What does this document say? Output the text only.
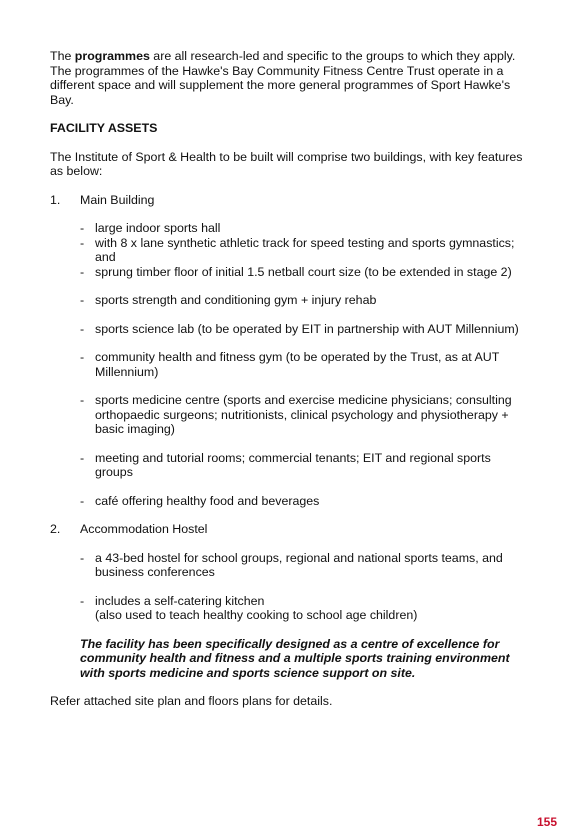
The programmes are all research-led and specific to the groups to which they apply. The programmes of the Hawke's Bay Community Fitness Centre Trust operate in a different space and will supplement the more general programmes of Sport Hawke's Bay.

FACILITY ASSETS

The Institute of Sport & Health to be built will comprise two buildings, with key features as below:

1.	Main Building
- large indoor sports hall
- with 8 x lane synthetic athletic track for speed testing and sports gymnastics; and
- sprung timber floor of initial 1.5 netball court size (to be extended in stage 2)
- sports strength and conditioning gym + injury rehab
- sports science lab (to be operated by EIT in partnership with AUT Millennium)
- community health and fitness gym (to be operated by the Trust, as at AUT Millennium)
- sports medicine centre (sports and exercise medicine physicians; consulting orthopaedic surgeons; nutritionists, clinical psychology and physiotherapy + basic imaging)
- meeting and tutorial rooms; commercial tenants; EIT and regional sports groups
- café offering healthy food and beverages
2.	Accommodation Hostel
- a 43-bed hostel for school groups, regional and national sports teams, and business conferences
- includes a self-catering kitchen
(also used to teach healthy cooking to school age children)

The facility has been specifically designed as a centre of excellence for community health and fitness and a multiple sports training environment with sports medicine and sports science support on site.

Refer attached site plan and floors plans for details.

155
